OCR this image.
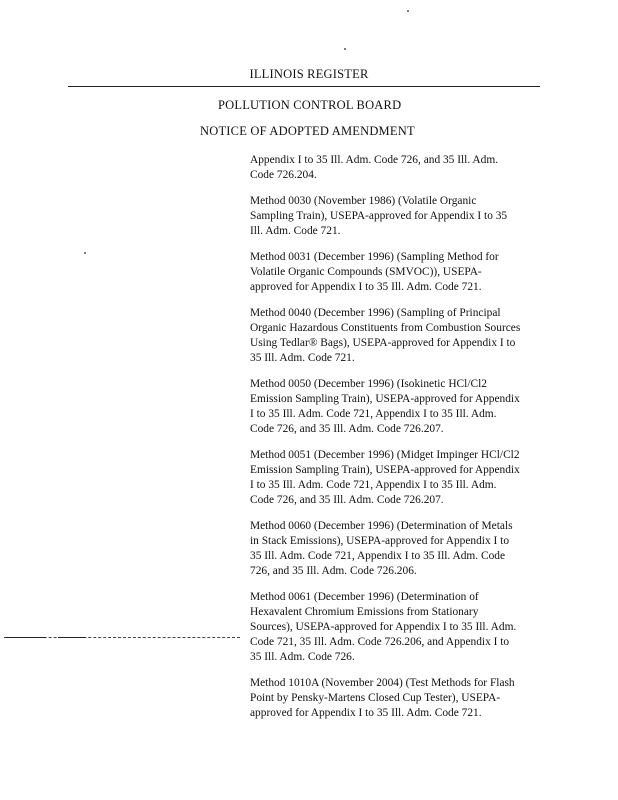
ILLINOIS REGISTER
POLLUTION CONTROL BOARD
NOTICE OF ADOPTED AMENDMENT

Appendix I to 35 Ill. Adm. Code 726, and 35 Ill. Adm.
Code 726.204.

Method 0030 (November 1986) (Volatile Organic
Sampling Train), USEPA-approved for Appendix I to 35
Ill. Adm. Code 721.

Method 0031 (December 1996) (Sampling Method for
Volatile Organic Compounds (SMVOC)), USEPA-
approved for Appendix I to 35 Ill. Adm. Code 721.

Method 0040 (December 1996) (Sampling of Principal
Organic Hazardous Constituents from Combustion Sources
Using Tedlar® Bags), USEPA-approved for Appendix I to
35 Ill. Adm. Code 721.

Method 0050 (December 1996) (Isokinetic HCl/Cl2
Emission Sampling Train), USEPA-approved for Appendix
I to 35 Ill. Adm. Code 721, Appendix I to 35 Ill. Adm.
Code 726, and 35 Ill. Adm. Code 726.207.

Method 0051 (December 1996) (Midget Impinger HCl/Cl2
Emission Sampling Train), USEPA-approved for Appendix
I to 35 Ill. Adm. Code 721, Appendix I to 35 Ill. Adm.
Code 726, and 35 Ill. Adm. Code 726.207.

Method 0060 (December 1996) (Determination of Metals
in Stack Emissions), USEPA-approved for Appendix I to
35 Ill. Adm. Code 721, Appendix I to 35 Ill. Adm. Code
726, and 35 Ill. Adm. Code 726.206.

Method 0061 (December 1996) (Determination of
Hexavalent Chromium Emissions from Stationary
Sources), USEPA-approved for Appendix I to 35 Ill. Adm.
Code 721, 35 Ill. Adm. Code 726.206, and Appendix I to
35 Ill. Adm. Code 726.

Method 1010A (November 2004) (Test Methods for Flash
Point by Pensky-Martens Closed Cup Tester), USEPA-
approved for Appendix I to 35 Ill. Adm. Code 721.
